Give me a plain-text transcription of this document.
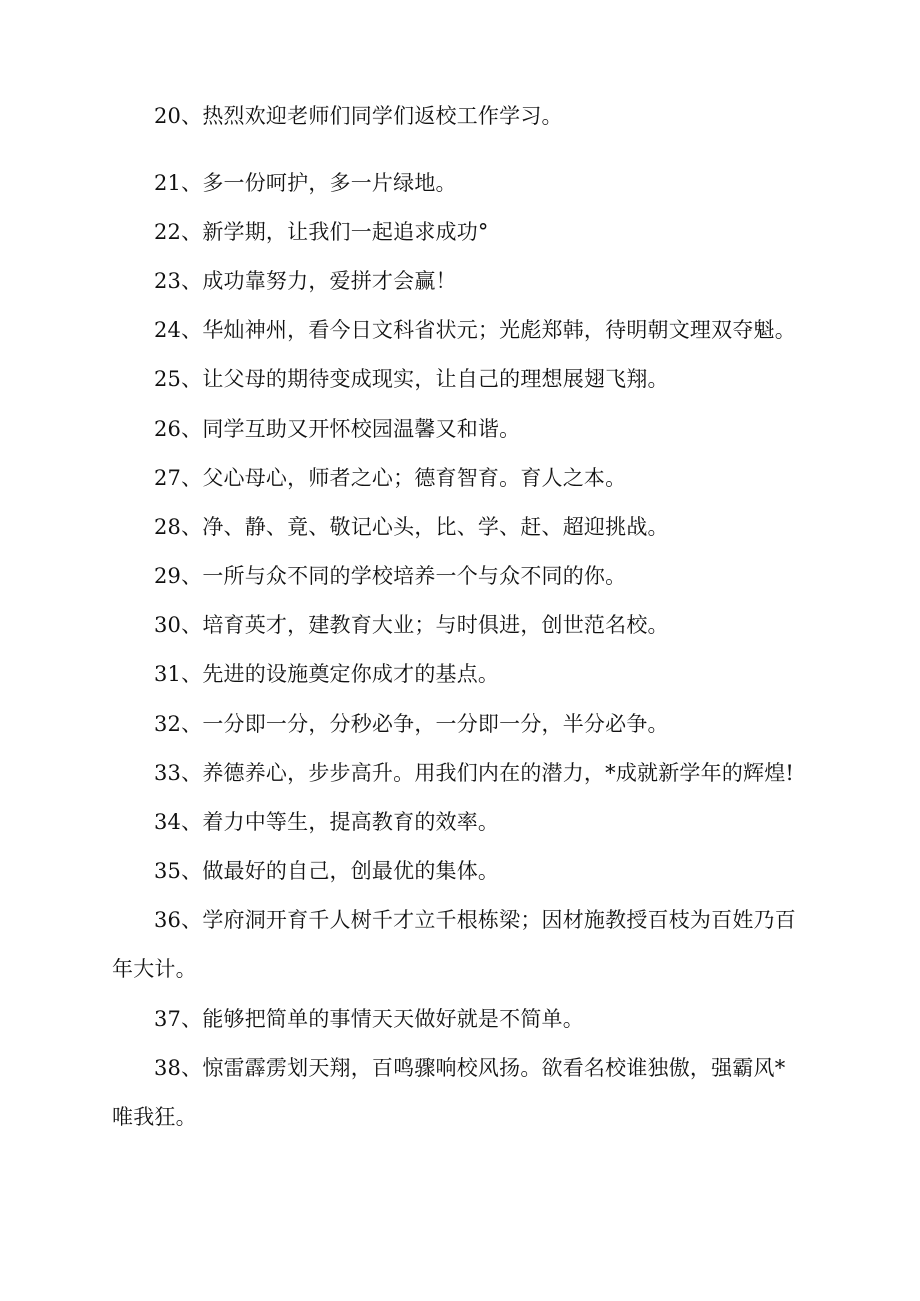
20、热烈欢迎老师们同学们返校工作学习。
21、多一份呵护，多一片绿地。
22、新学期，让我们一起追求成功°
23、成功靠努力，爱拼才会赢！
24、华灿神州，看今日文科省状元；光彪郑韩，待明朝文理双夺魁。
25、让父母的期待变成现实，让自己的理想展翅飞翔。
26、同学互助又开怀校园温馨又和谐。
27、父心母心，师者之心；德育智育。育人之本。
28、净、静、竟、敬记心头，比、学、赶、超迎挑战。
29、一所与众不同的学校培养一个与众不同的你。
30、培育英才，建教育大业；与时俱进，创世范名校。
31、先进的设施奠定你成才的基点。
32、一分即一分，分秒必争，一分即一分，半分必争。
33、养德养心，步步高升。用我们内在的潜力，*成就新学年的辉煌!
34、着力中等生，提高教育的效率。
35、做最好的自己，创最优的集体。
36、学府洞开育千人树千才立千根栋梁；因材施教授百枝为百姓乃百
年大计。
37、能够把简单的事情天天做好就是不简单。
38、惊雷霹雳划天翔，百鸣骤响校风扬。欲看名校谁独傲，强霸风*
唯我狂。
